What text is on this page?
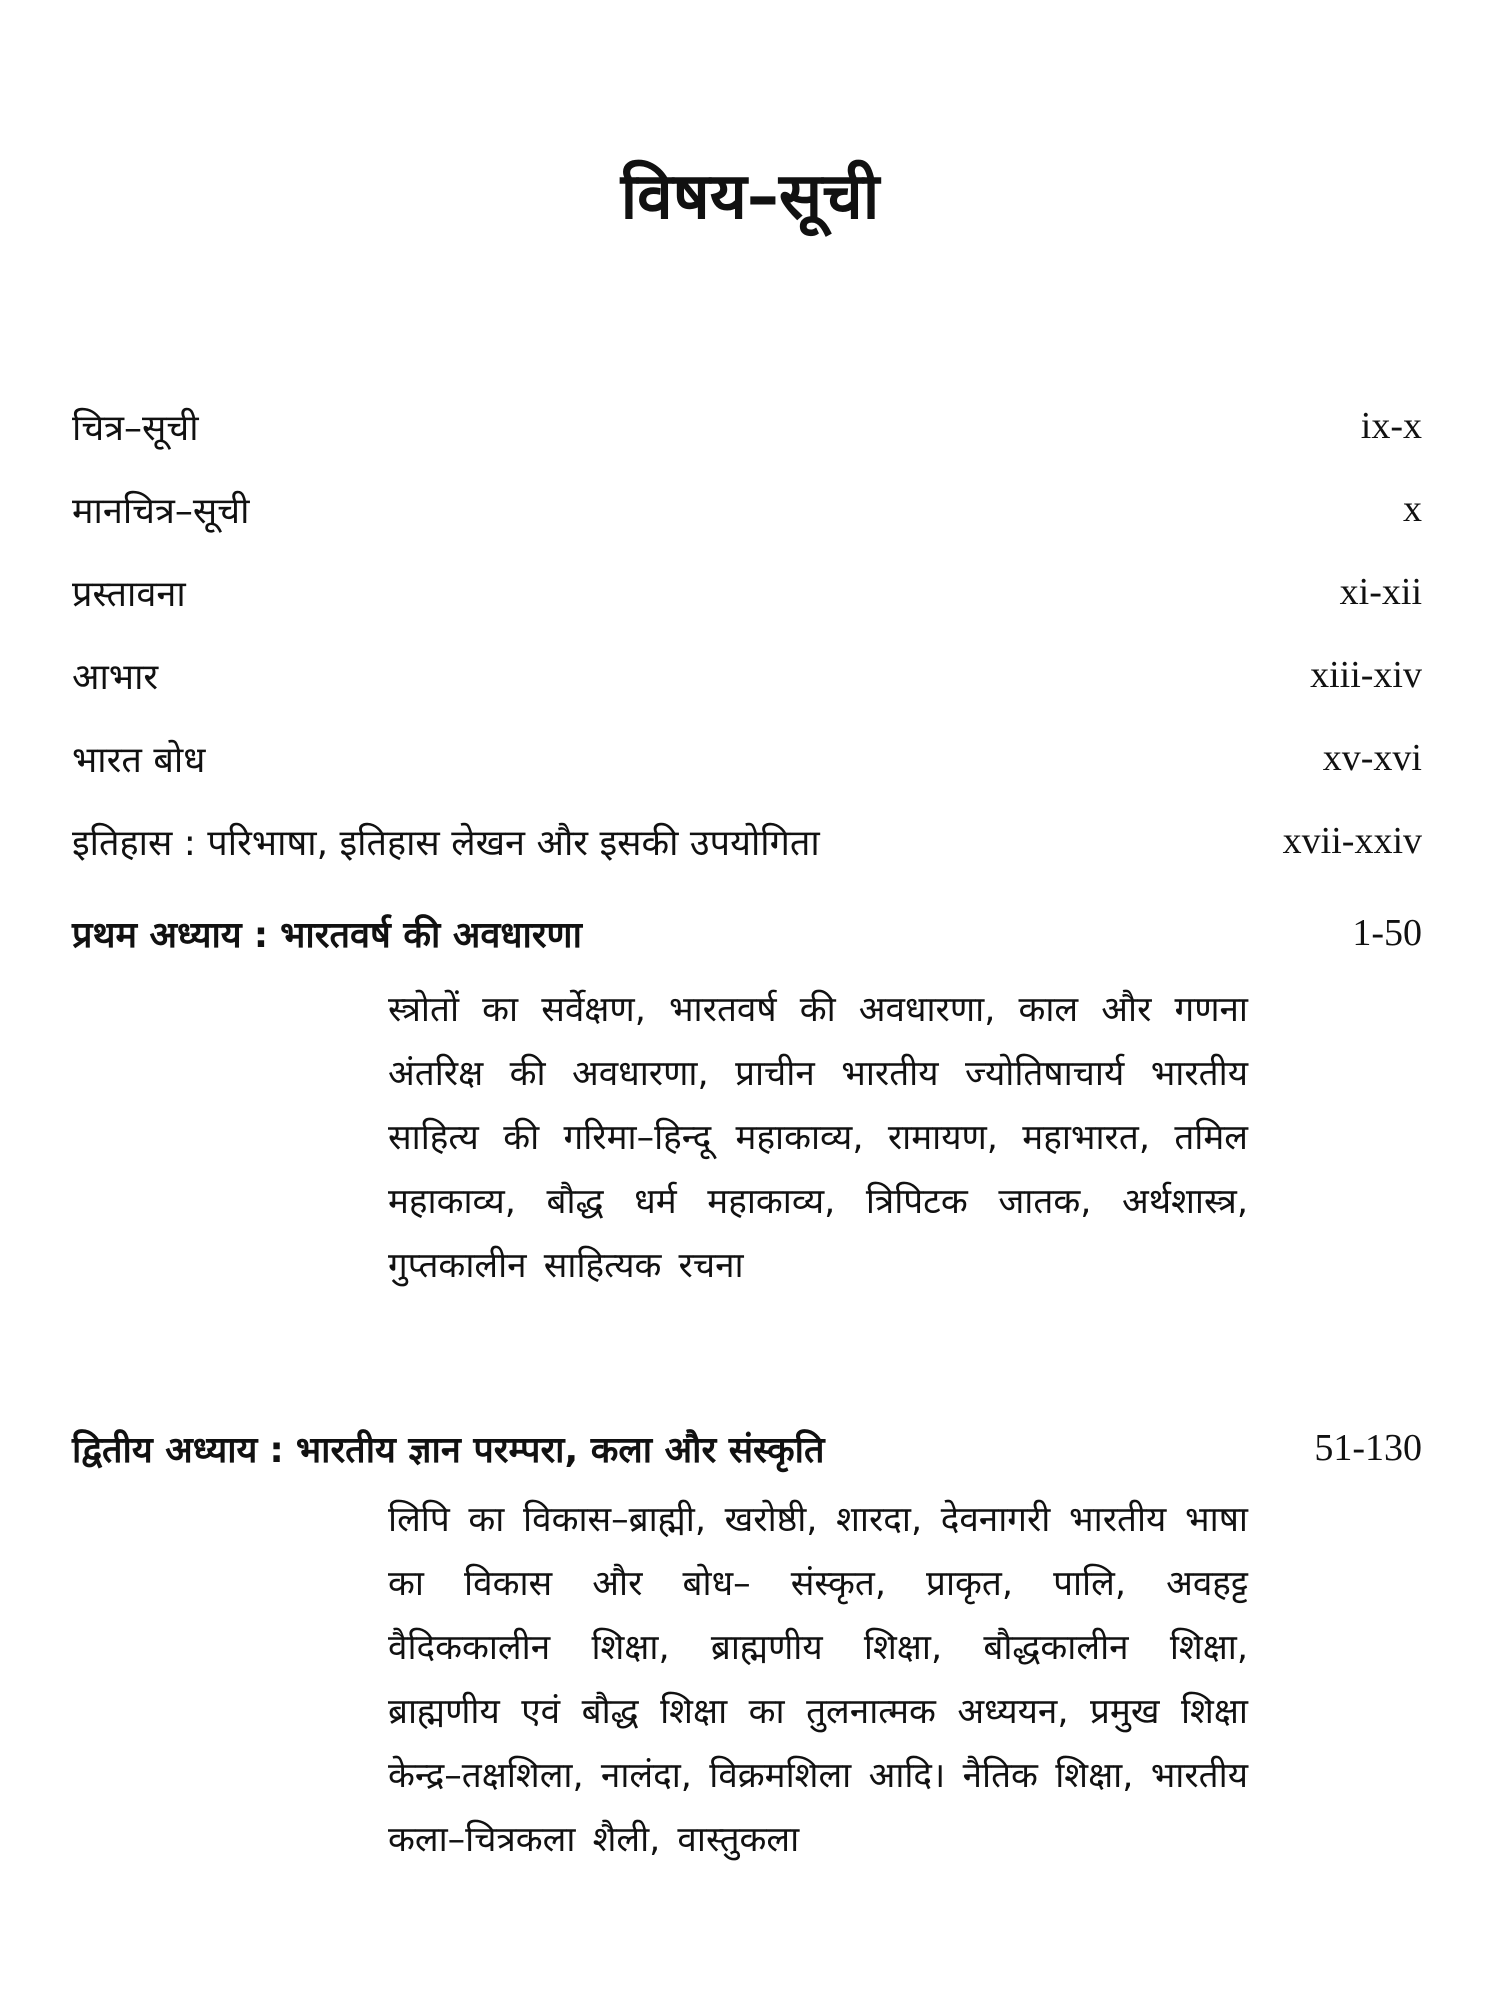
विषय–सूची
चित्र–सूची	ix-x
मानचित्र–सूची	x
प्रस्तावना	xi-xii
आभार	xiii-xiv
भारत बोध	xv-xvi
इतिहास : परिभाषा, इतिहास लेखन और इसकी उपयोगिता	xvii-xxiv
प्रथम अध्याय : भारतवर्ष की अवधारणा	1-50
स्त्रोतों का सर्वेक्षण, भारतवर्ष की अवधारणा, काल और गणना अंतरिक्ष की अवधारणा, प्राचीन भारतीय ज्योतिषाचार्य भारतीय साहित्य की गरिमा–हिन्दू महाकाव्य, रामायण, महाभारत, तमिल महाकाव्य, बौद्ध धर्म महाकाव्य, त्रिपिटक जातक, अर्थशास्त्र, गुप्तकालीन साहित्यक रचना
द्वितीय अध्याय : भारतीय ज्ञान परम्परा, कला और संस्कृति	51-130
लिपि का विकास–ब्राह्मी, खरोष्ठी, शारदा, देवनागरी भारतीय भाषा का विकास और बोध– संस्कृत, प्राकृत, पालि, अवहट्ट वैदिककालीन शिक्षा, ब्राह्मणीय शिक्षा, बौद्धकालीन शिक्षा, ब्राह्मणीय एवं बौद्ध शिक्षा का तुलनात्मक अध्ययन, प्रमुख शिक्षा केन्द्र–तक्षशिला, नालंदा, विक्रमशिला आदि। नैतिक शिक्षा, भारतीय कला–चित्रकला शैली, वास्तुकला
